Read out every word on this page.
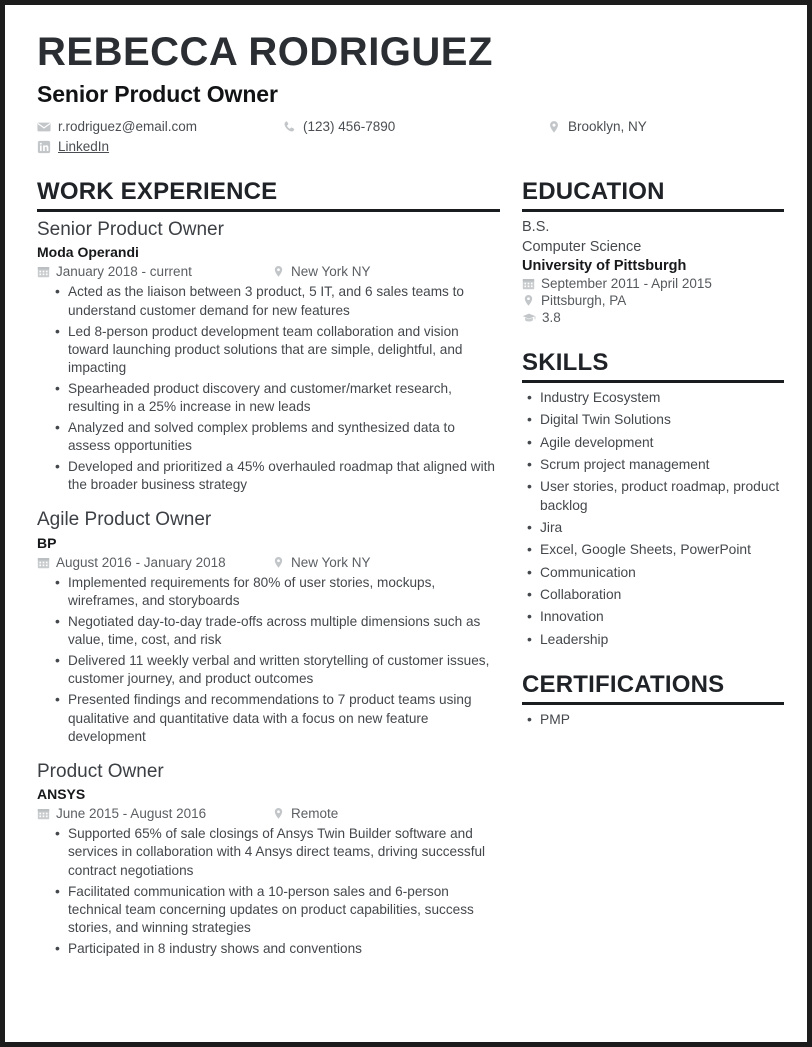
REBECCA RODRIGUEZ
Senior Product Owner
r.rodriguez@email.com	(123) 456-7890	Brooklyn, NY
LinkedIn
WORK EXPERIENCE
Senior Product Owner
Moda Operandi
January 2018 - current	New York NY
• Acted as the liaison between 3 product, 5 IT, and 6 sales teams to understand customer demand for new features
• Led 8-person product development team collaboration and vision toward launching product solutions that are simple, delightful, and impacting
• Spearheaded product discovery and customer/market research, resulting in a 25% increase in new leads
• Analyzed and solved complex problems and synthesized data to assess opportunities
• Developed and prioritized a 45% overhauled roadmap that aligned with the broader business strategy
Agile Product Owner
BP
August 2016 - January 2018	New York NY
• Implemented requirements for 80% of user stories, mockups, wireframes, and storyboards
• Negotiated day-to-day trade-offs across multiple dimensions such as value, time, cost, and risk
• Delivered 11 weekly verbal and written storytelling of customer issues, customer journey, and product outcomes
• Presented findings and recommendations to 7 product teams using qualitative and quantitative data with a focus on new feature development
Product Owner
ANSYS
June 2015 - August 2016	Remote
• Supported 65% of sale closings of Ansys Twin Builder software and services in collaboration with 4 Ansys direct teams, driving successful contract negotiations
• Facilitated communication with a 10-person sales and 6-person technical team concerning updates on product capabilities, success stories, and winning strategies
• Participated in 8 industry shows and conventions
EDUCATION
B.S.
Computer Science
University of Pittsburgh
September 2011 - April 2015
Pittsburgh, PA
3.8
SKILLS
• Industry Ecosystem
• Digital Twin Solutions
• Agile development
• Scrum project management
• User stories, product roadmap, product backlog
• Jira
• Excel, Google Sheets, PowerPoint
• Communication
• Collaboration
• Innovation
• Leadership
CERTIFICATIONS
• PMP
